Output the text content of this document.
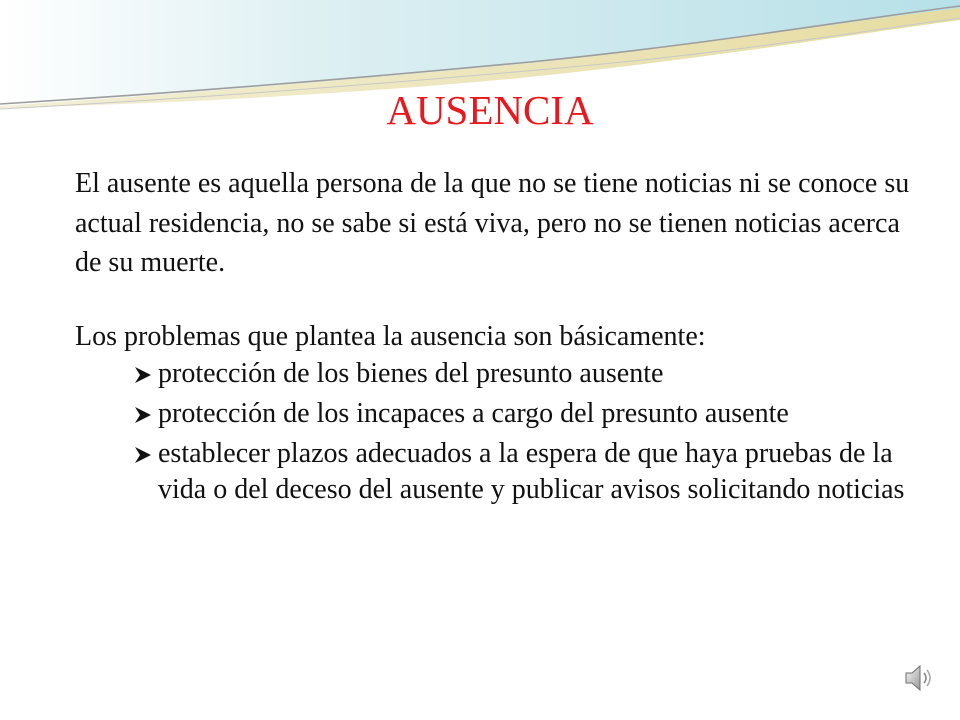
AUSENCIA

El ausente es aquella persona de la que no se tiene noticias ni se conoce su actual residencia, no se sabe si está viva, pero no se tienen noticias acerca de su muerte.

Los problemas que plantea la ausencia son básicamente:

protección de los bienes del presunto ausente
protección de los incapaces a cargo del presunto ausente
establecer plazos adecuados a la espera de que haya pruebas de la vida o del deceso del ausente y publicar avisos solicitando noticias
